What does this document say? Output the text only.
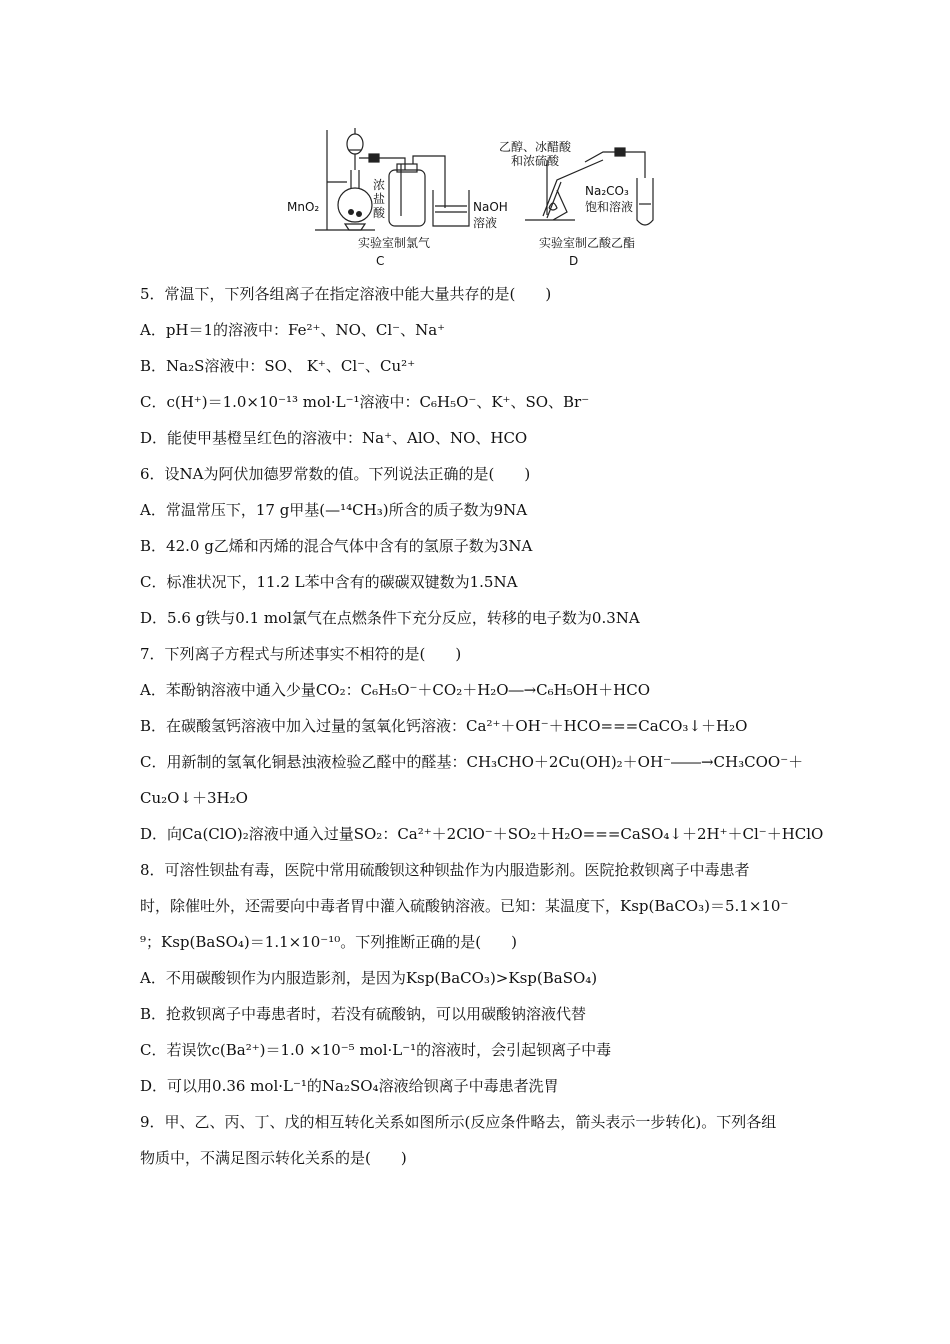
MnO₂
浓
盐
酸	NaOH
溶液
实验室制氯气
C
乙醇、冰醋酸
和浓硫酸
Na₂CO₃
饱和溶液
实验室制乙酸乙酯
D
5．常温下，下列各组离子在指定溶液中能大量共存的是(　　)
A．pH＝1的溶液中：Fe²⁺、NO、Cl⁻、Na⁺
B．Na₂S溶液中：SO、 K⁺、Cl⁻、Cu²⁺
C．c(H⁺)＝1.0×10⁻¹³ mol·L⁻¹溶液中：C₆H₅O⁻、K⁺、SO、Br⁻
D．能使甲基橙呈红色的溶液中：Na⁺、AlO、NO、HCO
6．设NA为阿伏加德罗常数的值。下列说法正确的是(　　)
A．常温常压下，17 g甲基(—¹⁴CH₃)所含的质子数为9NA
B．42.0 g乙烯和丙烯的混合气体中含有的氢原子数为3NA
C．标准状况下，11.2 L苯中含有的碳碳双键数为1.5NA
D．5.6 g铁与0.1 mol氯气在点燃条件下充分反应，转移的电子数为0.3NA
7．下列离子方程式与所述事实不相符的是(　　)
A．苯酚钠溶液中通入少量CO₂：C₆H₅O⁻＋CO₂＋H₂O―→C₆H₅OH＋HCO
B．在碳酸氢钙溶液中加入过量的氢氧化钙溶液：Ca²⁺＋OH⁻＋HCO===CaCO₃↓＋H₂O
C．用新制的氢氧化铜悬浊液检验乙醛中的醛基：CH₃CHO＋2Cu(OH)₂＋OH⁻――→CH₃COO⁻＋
Cu₂O↓＋3H₂O
D．向Ca(ClO)₂溶液中通入过量SO₂：Ca²⁺＋2ClO⁻＋SO₂＋H₂O===CaSO₄↓＋2H⁺＋Cl⁻＋HClO
8．可溶性钡盐有毒，医院中常用硫酸钡这种钡盐作为内服造影剂。医院抢救钡离子中毒患者
时，除催吐外，还需要向中毒者胃中灌入硫酸钠溶液。已知：某温度下，Ksp(BaCO₃)＝5.1×10⁻
⁹；Ksp(BaSO₄)＝1.1×10⁻¹⁰。下列推断正确的是(　　)
A．不用碳酸钡作为内服造影剂，是因为Ksp(BaCO₃)>Ksp(BaSO₄)
B．抢救钡离子中毒患者时，若没有硫酸钠，可以用碳酸钠溶液代替
C．若误饮c(Ba²⁺)＝1.0 ×10⁻⁵ mol·L⁻¹的溶液时，会引起钡离子中毒
D．可以用0.36 mol·L⁻¹的Na₂SO₄溶液给钡离子中毒患者洗胃
9．甲、乙、丙、丁、戊的相互转化关系如图所示(反应条件略去，箭头表示一步转化)。下列各组
物质中，不满足图示转化关系的是(　　)
